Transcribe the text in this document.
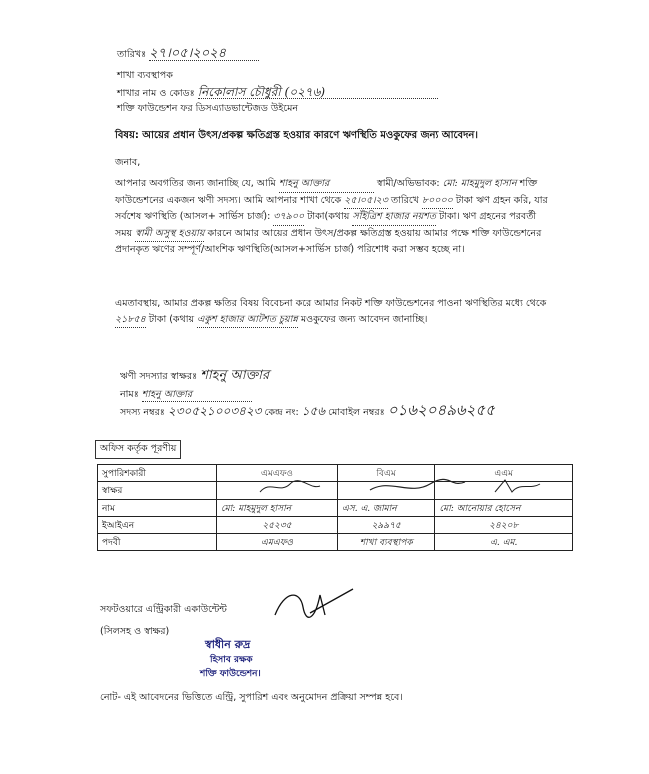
তারিখঃ ২৭।০৫।২০২৪
শাখা ব্যবস্থাপক
শাখার নাম ও কোডঃ নিকোলাস চৌধুরী (০২৭৬)
শক্তি ফাউন্ডেশন ফর ডিসএ্যাডভান্টেজড উইমেন
বিষয়: আয়ের প্রধান উৎস/প্রকল্প ক্ষতিগ্রস্ত হওয়ার কারণে ঋণস্থিতি মওকুফের জন্য আবেদন।
জনাব,
আপনার অবগতির জন্য জানাচ্ছি যে, আমি শাহনু আক্তার	স্বামী/অভিভাবক: মো: মাহমুদুল হাসান শক্তি ফাউন্ডেশনের একজন ঋণী সদস্য। আমি আপনার শাখা থেকে ২৫।০৫।২৩ তারিখে ৮০০০০ টাকা ঋণ গ্রহন করি, যার সর্বশেষ ঋণস্থিতি (আসল+ সার্ভিস চার্জ): ৩৭৯০০ টাকা(কথায় সাঁইত্রিশ হাজার নয়শত টাকা। ঋণ গ্রহনের পরবর্তী সময় স্বামী অসুস্থ হওয়ায় কারনে আমার আয়ের প্রধান উৎস/প্রকল্প ক্ষতিগ্রস্ত হওয়ায় আমার পক্ষে শক্তি ফাউন্ডেশনের প্রদানকৃত ঋণের সম্পূর্ণ/আংশিক ঋণস্থিতি(আসল+সার্ভিস চার্জ) পরিশোধ করা সম্ভব হচ্ছে না।
এমতাবস্থায়, আমার প্রকল্প ক্ষতির বিষয় বিবেচনা করে আমার নিকট শক্তি ফাউন্ডেশনের পাওনা ঋণস্থিতির মধ্যে থেকে ২১৮৫৪ টাকা (কথায় একুশ হাজার আটশত চুয়ান্ন মওকুফের জন্য আবেদন জানাচ্ছি।
ঋণী সদস্যার স্বাক্ষরঃ শাহনু আক্তার
নামঃ শাহনু আক্তার
সদস্য নম্বরঃ ২৩০৫২১০০৩৪২৩ কেন্দ্র নং: ১৫৬ মোবাইল নম্বরঃ ০১৬২০৪৯৬২৫৫
অফিস কর্তৃক পূরণীয়
সুপারিশকারী	এমএফও	বিএম	এএম
স্বাক্ষর			
নাম	মো: মাহমুদুল হাসান	এস. এ. জামান	মো: আনোয়ার হোসেন
ইআইএন	২৫২৩৫	২৯৯৭৫	২৪২০৮
পদবী	এমএফও	শাখা ব্যবস্থাপক	এ. এম.
সফটওয়ারে এন্ট্রিকারী একাউন্টেন্ট
(সিলসহ ও স্বাক্ষর)
স্বাধীন রুদ্র
হিসাব রক্ষক
শক্তি ফাউন্ডেশন।
নোট- এই আবেদনের ভিত্তিতে এন্ট্রি, সুপারিশ এবং অনুমোদন প্রক্রিয়া সম্পন্ন হবে।
